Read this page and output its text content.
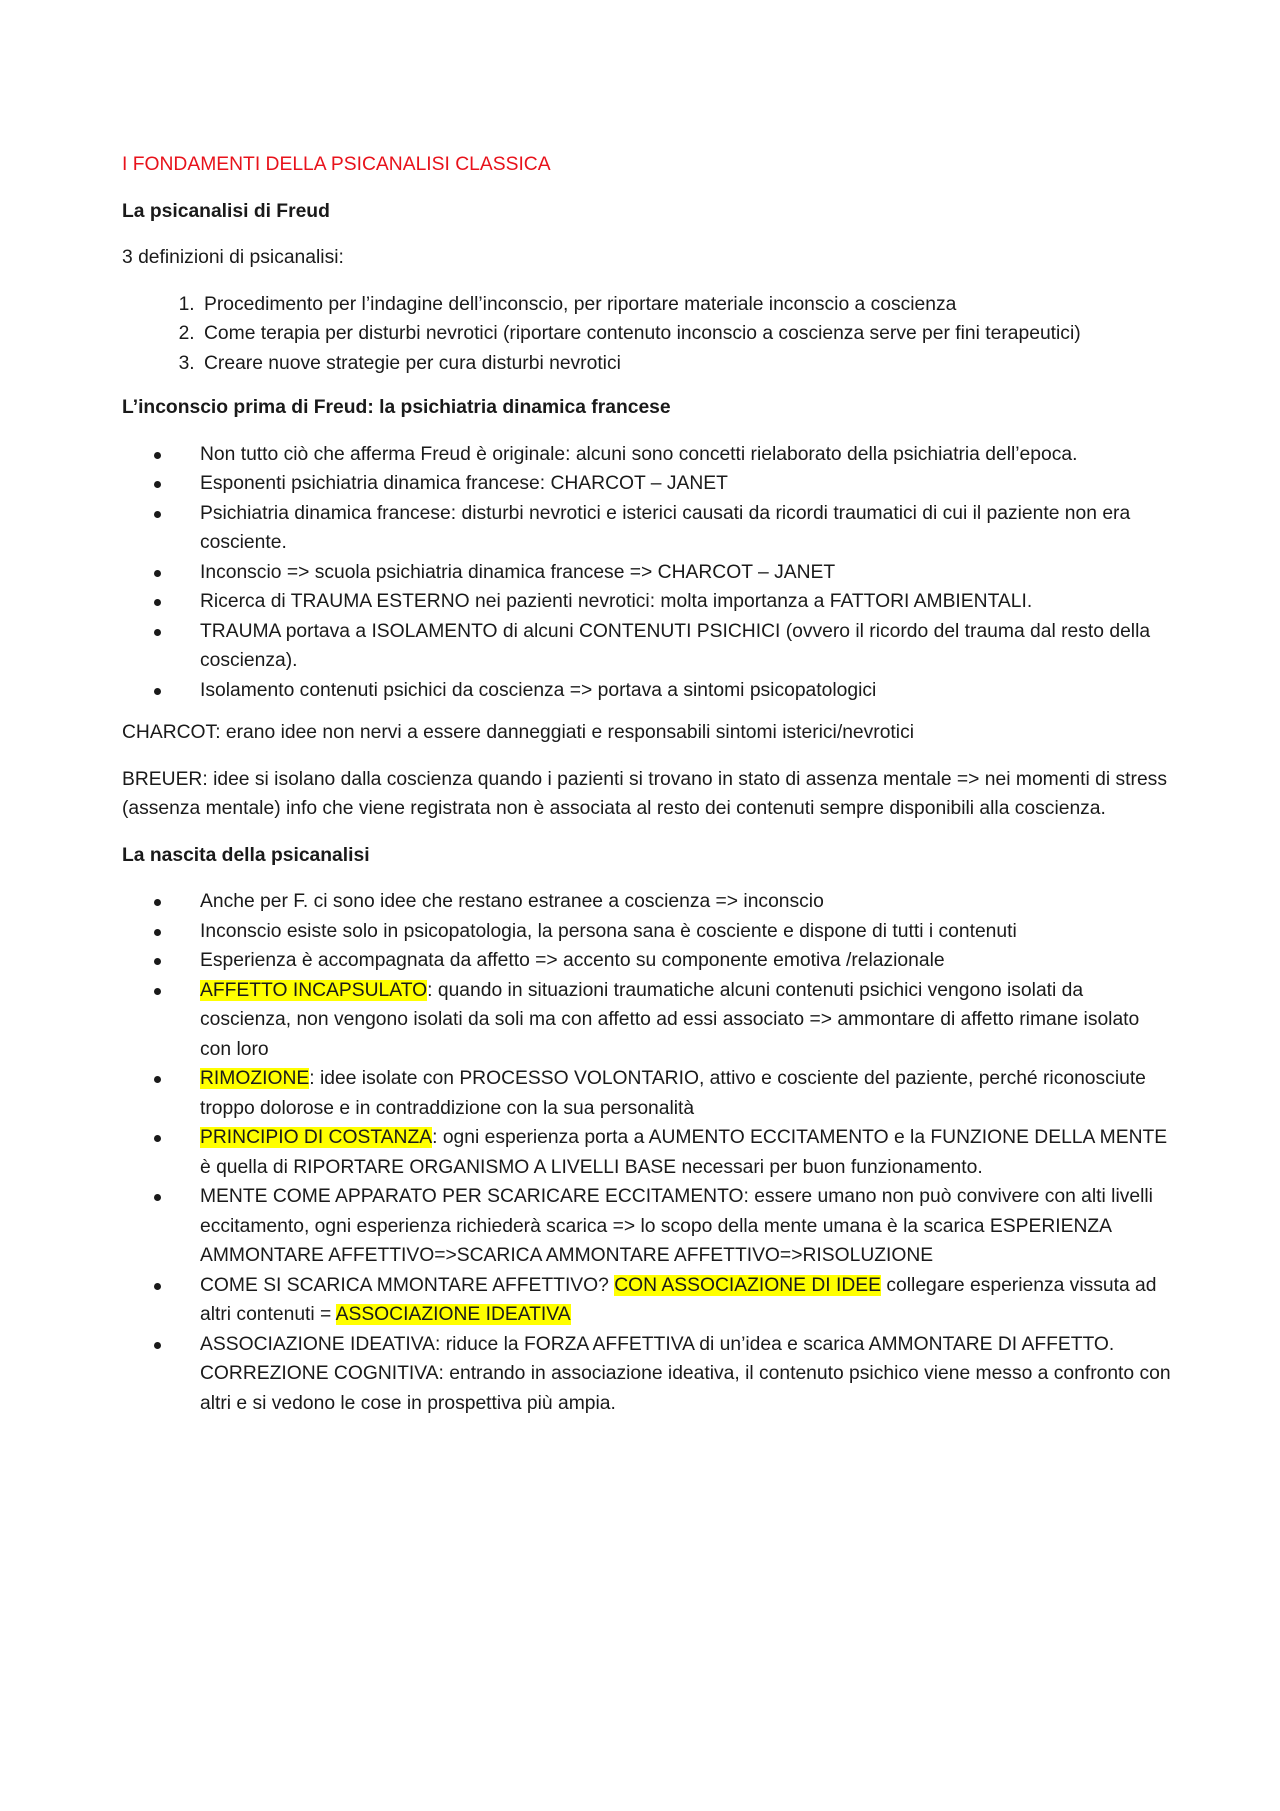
I FONDAMENTI DELLA PSICANALISI CLASSICA

La psicanalisi di Freud

3 definizioni di psicanalisi:

1. Procedimento per l’indagine dell’inconscio, per riportare materiale inconscio a coscienza
2. Come terapia per disturbi nevrotici (riportare contenuto inconscio a coscienza serve per fini terapeutici)
3. Creare nuove strategie per cura disturbi nevrotici
L’inconscio prima di Freud: la psichiatria dinamica francese
Non tutto ciò che afferma Freud è originale: alcuni sono concetti rielaborato della psichiatria dell’epoca.
Esponenti psichiatria dinamica francese: CHARCOT – JANET
Psichiatria dinamica francese: disturbi nevrotici e isterici causati da ricordi traumatici di cui il paziente non era cosciente.
Inconscio => scuola psichiatria dinamica francese => CHARCOT – JANET
Ricerca di TRAUMA ESTERNO nei pazienti nevrotici: molta importanza a FATTORI AMBIENTALI.
TRAUMA portava a ISOLAMENTO di alcuni CONTENUTI PSICHICI (ovvero il ricordo del trauma dal resto della coscienza).
Isolamento contenuti psichici da coscienza => portava a sintomi psicopatologici

CHARCOT: erano idee non nervi a essere danneggiati e responsabili sintomi isterici/nevrotici

BREUER: idee si isolano dalla coscienza quando i pazienti si trovano in stato di assenza mentale => nei momenti di stress (assenza mentale) info che viene registrata non è associata al resto dei contenuti sempre disponibili alla coscienza.

La nascita della psicanalisi
Anche per F. ci sono idee che restano estranee a coscienza => inconscio
Inconscio esiste solo in psicopatologia, la persona sana è cosciente e dispone di tutti i contenuti
Esperienza è accompagnata da affetto => accento su componente emotiva /relazionale
AFFETTO INCAPSULATO: quando in situazioni traumatiche alcuni contenuti psichici vengono isolati da coscienza, non vengono isolati da soli ma con affetto ad essi associato => ammontare di affetto rimane isolato con loro
RIMOZIONE: idee isolate con PROCESSO VOLONTARIO, attivo e cosciente del paziente, perché riconosciute troppo dolorose e in contraddizione con la sua personalità
PRINCIPIO DI COSTANZA: ogni esperienza porta a AUMENTO ECCITAMENTO e la FUNZIONE DELLA MENTE è quella di RIPORTARE ORGANISMO A LIVELLI BASE necessari per buon funzionamento.
MENTE COME APPARATO PER SCARICARE ECCITAMENTO: essere umano non può convivere con alti livelli eccitamento, ogni esperienza richiederà scarica => lo scopo della mente umana è la scarica ESPERIENZA AMMONTARE AFFETTIVO=>SCARICA AMMONTARE AFFETTIVO=>RISOLUZIONE
COME SI SCARICA MMONTARE AFFETTIVO? CON ASSOCIAZIONE DI IDEE collegare esperienza vissuta ad altri contenuti = ASSOCIAZIONE IDEATIVA
ASSOCIAZIONE IDEATIVA: riduce la FORZA AFFETTIVA di un’idea e scarica AMMONTARE DI AFFETTO. CORREZIONE COGNITIVA: entrando in associazione ideativa, il contenuto psichico viene messo a confronto con altri e si vedono le cose in prospettiva più ampia.
